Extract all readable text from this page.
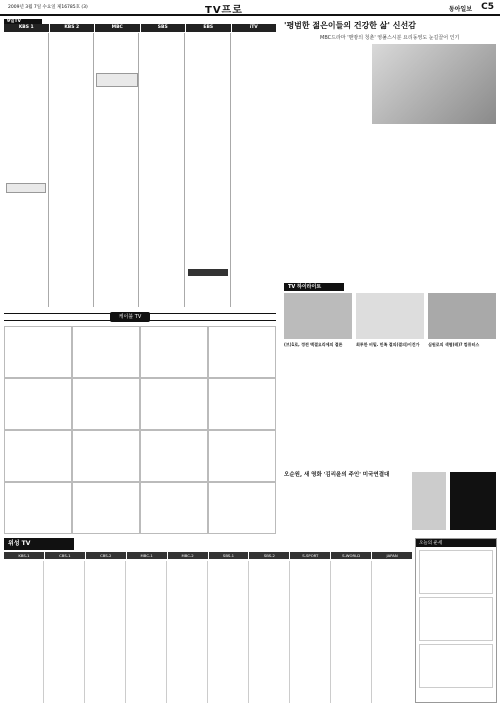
2009년 3월 7일 수요일 제16785호 (3)	TV프로	동아일보 C5
9일TV
KBS 1	KBS 2	MBC	SBS	EBS	iTV	'평범한 젊은이들의 건강한 삶' 신선감
MBC드라마 '맨땅의 청춘' 영풀스시분 요리동영도 눈길끌어 인기
TV 하이라이트
(브)1로, 정전 맥결요리에의 결론	최투한 비밀. 민족 결의(결의)이건가	심원로의 색협(레)? 컴퓨터스
케이블 TV
오순원, 새 영화 '김리윤의 주인' 미국연결대
위성 TV
KBS-1	CBS-1	CBS-2	MBC-1	MBC-2	SBS-1	SBS-2	S-SPORT	S-WORLD	JAPAN
오늘의 운세
